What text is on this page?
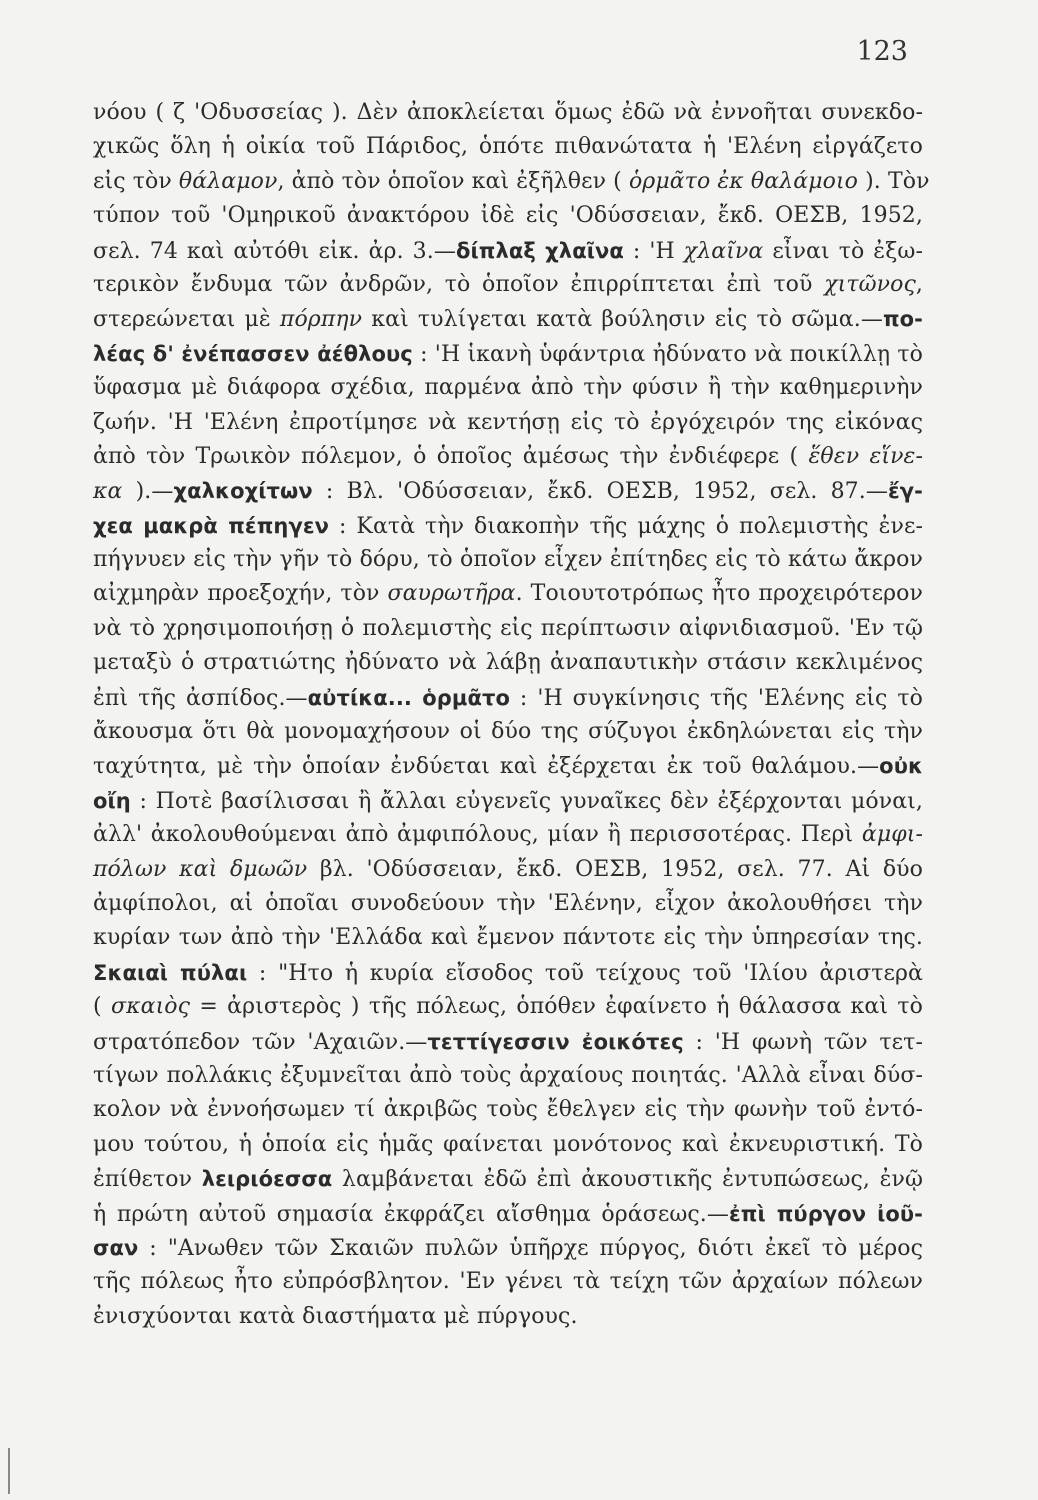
123
νόου ( ζ 'Οδυσσείας ). Δὲν ἀποκλείεται ὅμως ἐδῶ νὰ ἐννοῆται συνεκδο-
χικῶς ὅλη ἡ οἰκία τοῦ Πάριδος, ὁπότε πιθανώτατα ἡ 'Ελένη εἰργάζετο
εἰς τὸν θάλαμον, ἀπὸ τὸν ὁποῖον καὶ ἐξῆλθεν ( ὁρμᾶτο ἐκ θαλάμοιο ). Τὸν
τύπον τοῦ 'Ομηρικοῦ ἀνακτόρου ἰδὲ εἰς 'Οδύσσειαν, ἔκδ. ΟΕΣΒ, 1952,
σελ. 74 καὶ αὐτόθι εἰκ. ἀρ. 3.—δίπλαξ χλαῖνα : 'Η χλαῖνα εἶναι τὸ ἐξω-
τερικὸν ἔνδυμα τῶν ἀνδρῶν, τὸ ὁποῖον ἐπιρρίπτεται ἐπὶ τοῦ χιτῶνος,
στερεώνεται μὲ πόρπην καὶ τυλίγεται κατὰ βούλησιν εἰς τὸ σῶμα.—πο-
λέας δ' ἐνέπασσεν ἀέθλους : 'Η ἱκανὴ ὑφάντρια ἠδύνατο νὰ ποικίλλῃ τὸ
ὕφασμα μὲ διάφορα σχέδια, παρμένα ἀπὸ τὴν φύσιν ἢ τὴν καθημερινὴν
ζωήν. 'Η 'Ελένη ἐπροτίμησε νὰ κεντήσῃ εἰς τὸ ἐργόχειρόν της εἰκόνας
ἀπὸ τὸν Τρωικὸν πόλεμον, ὁ ὁποῖος ἀμέσως τὴν ἐνδιέφερε ( ἕθεν εἵνε-
κα ).—χαλκοχίτων : Βλ. 'Οδύσσειαν, ἔκδ. ΟΕΣΒ, 1952, σελ. 87.—ἔγ-
χεα μακρὰ πέπηγεν : Κατὰ τὴν διακοπὴν τῆς μάχης ὁ πολεμιστὴς ἐνε-
πήγνυεν εἰς τὴν γῆν τὸ δόρυ, τὸ ὁποῖον εἶχεν ἐπίτηδες εἰς τὸ κάτω ἄκρον
αἰχμηρὰν προεξοχήν, τὸν σαυρωτῆρα. Τοιουτοτρόπως ἦτο προχειρότερον
νὰ τὸ χρησιμοποιήσῃ ὁ πολεμιστὴς εἰς περίπτωσιν αἰφνιδιασμοῦ. 'Εν τῷ
μεταξὺ ὁ στρατιώτης ἠδύνατο νὰ λάβῃ ἀναπαυτικὴν στάσιν κεκλιμένος
ἐπὶ τῆς ἀσπίδος.—αὐτίκα... ὁρμᾶτο : 'Η συγκίνησις τῆς 'Ελένης εἰς τὸ
ἄκουσμα ὅτι θὰ μονομαχήσουν οἱ δύο της σύζυγοι ἐκδηλώνεται εἰς τὴν
ταχύτητα, μὲ τὴν ὁποίαν ἐνδύεται καὶ ἐξέρχεται ἐκ τοῦ θαλάμου.—οὐκ
οἴη : Ποτὲ βασίλισσαι ἢ ἄλλαι εὐγενεῖς γυναῖκες δὲν ἐξέρχονται μόναι,
ἀλλ' ἀκολουθούμεναι ἀπὸ ἀμφιπόλους, μίαν ἢ περισσοτέρας. Περὶ ἀμφι-
πόλων καὶ δμωῶν βλ. 'Οδύσσειαν, ἔκδ. ΟΕΣΒ, 1952, σελ. 77. Αἱ δύο
ἀμφίπολοι, αἱ ὁποῖαι συνοδεύουν τὴν 'Ελένην, εἶχον ἀκολουθήσει τὴν
κυρίαν των ἀπὸ τὴν 'Ελλάδα καὶ ἔμενον πάντοτε εἰς τὴν ὑπηρεσίαν της.
Σκαιαὶ πύλαι : "Ητο ἡ κυρία εἴσοδος τοῦ τείχους τοῦ 'Ιλίου ἀριστερὰ
( σκαιὸς = ἀριστερὸς ) τῆς πόλεως, ὁπόθεν ἐφαίνετο ἡ θάλασσα καὶ τὸ
στρατόπεδον τῶν 'Αχαιῶν.—τεττίγεσσιν ἐοικότες : 'Η φωνὴ τῶν τετ-
τίγων πολλάκις ἐξυμνεῖται ἀπὸ τοὺς ἀρχαίους ποιητάς. 'Αλλὰ εἶναι δύσ-
κολον νὰ ἐννοήσωμεν τί ἀκριβῶς τοὺς ἔθελγεν εἰς τὴν φωνὴν τοῦ ἐντό-
μου τούτου, ἡ ὁποία εἰς ἡμᾶς φαίνεται μονότονος καὶ ἐκνευριστική. Τὸ
ἐπίθετον λειριόεσσα λαμβάνεται ἐδῶ ἐπὶ ἀκουστικῆς ἐντυπώσεως, ἐνῷ
ἡ πρώτη αὐτοῦ σημασία ἐκφράζει αἴσθημα ὁράσεως.—ἐπὶ πύργον ἰοῦ-
σαν : "Ανωθεν τῶν Σκαιῶν πυλῶν ὑπῆρχε πύργος, διότι ἐκεῖ τὸ μέρος
τῆς πόλεως ἦτο εὐπρόσβλητον. 'Εν γένει τὰ τείχη τῶν ἀρχαίων πόλεων
ἐνισχύονται κατὰ διαστήματα μὲ πύργους.
